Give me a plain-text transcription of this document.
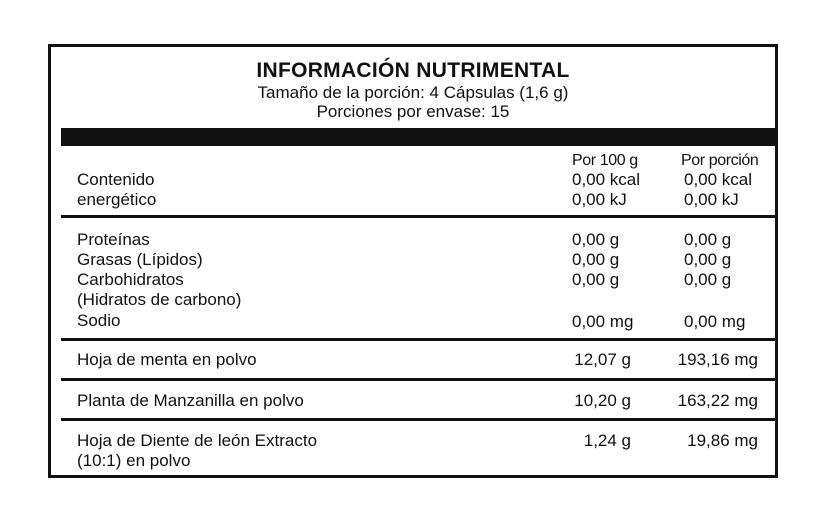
INFORMACIÓN NUTRIMENTAL
Tamaño de la porción: 4 Cápsulas (1,6 g)
Porciones por envase: 15
Por 100 g	Por porción
Contenido
energético
0,00 kcal	0,00 kcal
0,00 kJ	0,00 kJ
Proteínas	0,00 g	0,00 g
Grasas (Lípidos)	0,00 g	0,00 g
Carbohidratos
(Hidratos de carbono)
0,00 g	0,00 g
Sodio	0,00 mg	0,00 mg
Hoja de menta en polvo	12,07 g	193,16 mg
Planta de Manzanilla en polvo	10,20 g	163,22 mg
Hoja de Diente de león Extracto
(10:1) en polvo
1,24 g	19,86 mg
